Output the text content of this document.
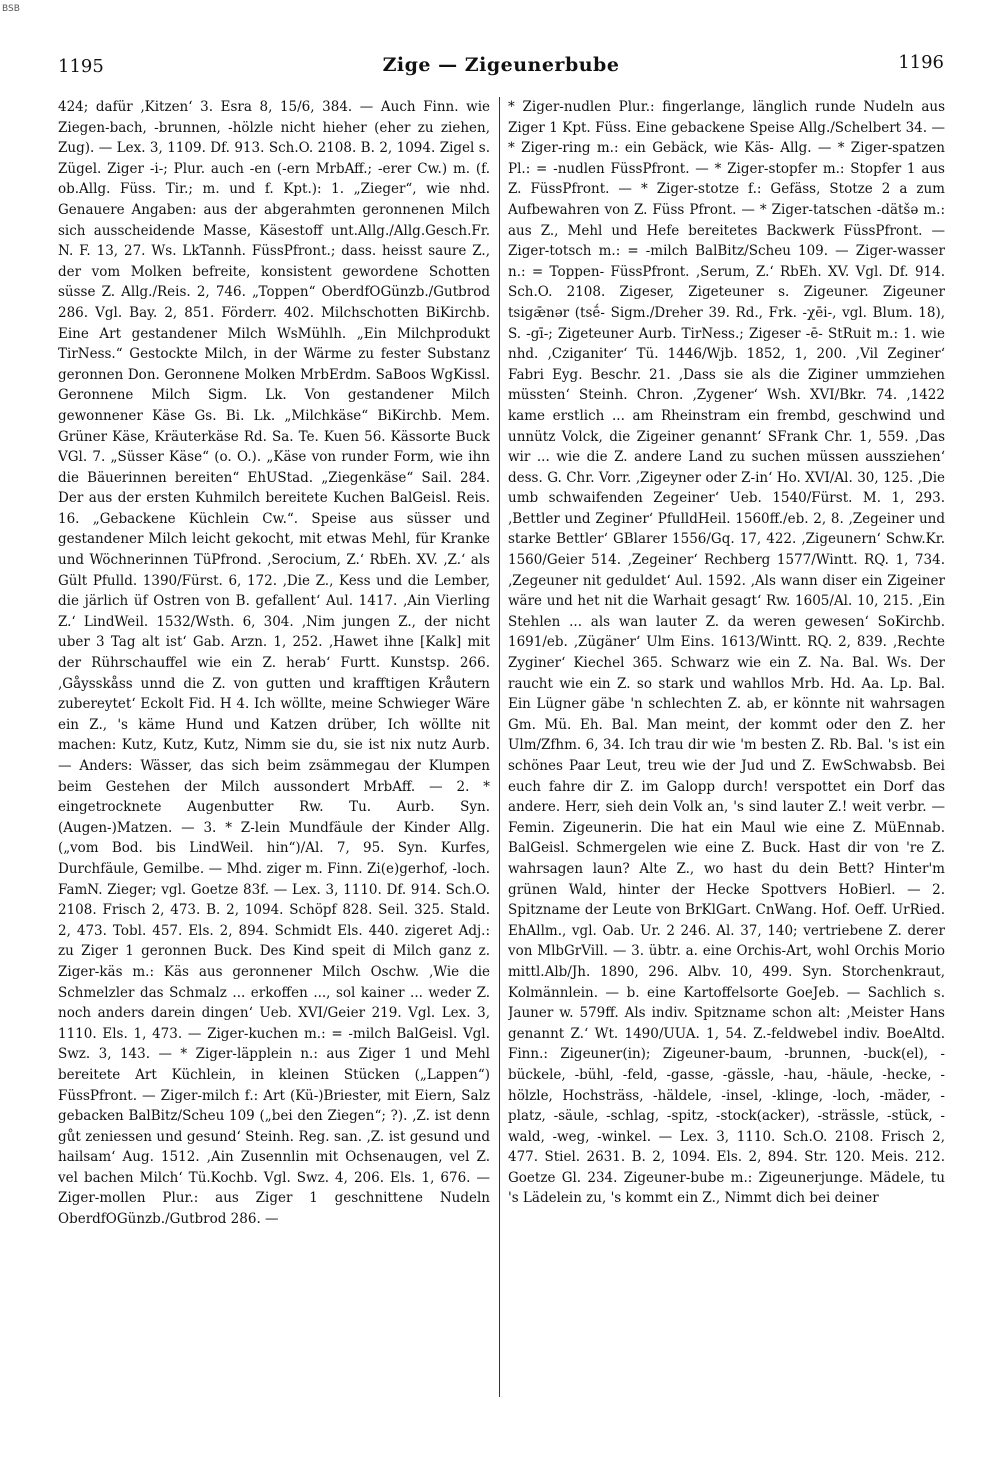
BSB
1195	Zige — Zigeunerbube	1196

424; dafür ‚Kitzen‘ 3. Esra 8, 15/6, 384. — Auch Finn. wie Ziegen-bach, -brunnen, -hölzle nicht hieher (eher zu ziehen, Zug). — Lex. 3, 1109. Df. 913. Sch.O. 2108. B. 2, 1094. Zigel s. Zügel. Ziger -i-; Plur. auch -en (-ern MrbAff.; -erer Cw.) m. (f. ob.Allg. Füss. Tir.; m. und f. Kpt.): 1. „Zieger“, wie nhd. Genauere Angaben: aus der abgerahmten geronnenen Milch sich ausscheidende Masse, Käsestoff unt.Allg./Allg.Gesch.Fr. N. F. 13, 27. Ws. LkTannh. FüssPfront.; dass. heisst saure Z., der vom Molken befreite, konsistent gewordene Schotten süsse Z. Allg./Reis. 2, 746. „Toppen“ OberdfOGünzb./Gutbrod 286. Vgl. Bay. 2, 851. Förderr. 402. Milchschotten BiKirchb. Eine Art gestandener Milch WsMühlh. „Ein Milchprodukt TirNess.“ Gestockte Milch, in der Wärme zu fester Substanz geronnen Don. Geronnene Molken MrbErdm. SaBoos WgKissl. Geronnene Milch Sigm. Lk. Von gestandener Milch gewonnener Käse Gs. Bi. Lk. „Milchkäse“ BiKirchb. Mem. Grüner Käse, Kräuterkäse Rd. Sa. Te. Kuen 56. Kässorte Buck VGl. 7. „Süsser Käse“ (o. O.). „Käse von runder Form, wie ihn die Bäuerinnen bereiten“ EhUStad. „Ziegenkäse“ Sail. 284. Der aus der ersten Kuhmilch bereitete Kuchen BalGeisl. Reis. 16. „Gebackene Küchlein Cw.“. Speise aus süsser und gestandener Milch leicht gekocht, mit etwas Mehl, für Kranke und Wöchnerinnen TüPfrond. ‚Serocium, Z.‘ RbEh. XV. ‚Z.‘ als Gült Pfulld. 1390/Fürst. 6, 172. ‚Die Z., Kess und die Lember, die järlich üf Ostren von B. gefallent‘ Aul. 1417. ‚Ain Vierling Z.‘ LindWeil. 1532/Wsth. 6, 304. ‚Nim jungen Z., der nicht uber 3 Tag alt ist‘ Gab. Arzn. 1, 252. ‚Hawet ihne [Kalk] mit der Rührschauffel wie ein Z. herab‘ Furtt. Kunstsp. 266. ‚Gåysskåss unnd die Z. von gutten und krafftigen Kråutern zubereytet‘ Eckolt Fid. H 4. Ich wöllte, meine Schwieger Wäre ein Z., 's käme Hund und Katzen drüber, Ich wöllte nit machen: Kutz, Kutz, Kutz, Nimm sie du, sie ist nix nutz Aurb. — Anders: Wässer, das sich beim zsämmegau der Klumpen beim Gestehen der Milch aussondert MrbAff. — 2. * eingetrocknete Augenbutter Rw. Tu. Aurb. Syn. (Augen-)Matzen. — 3. * Z-lein Mundfäule der Kinder Allg. („vom Bod. bis LindWeil. hin“)/Al. 7, 95. Syn. Kurfes, Durchfäule, Gemilbe. — Mhd. ziger m. Finn. Zi(e)gerhof, -loch. FamN. Zieger; vgl. Goetze 83f. — Lex. 3, 1110. Df. 914. Sch.O. 2108. Frisch 2, 473. B. 2, 1094. Schöpf 828. Seil. 325. Stald. 2, 473. Tobl. 457. Els. 2, 894. Schmidt Els. 440. zigeret Adj.: zu Ziger 1 geronnen Buck. Des Kind speit di Milch ganz z. Ziger-käs m.: Käs aus geronnener Milch Oschw. ‚Wie die Schmelzler das Schmalz ... erkoffen ..., sol kainer ... weder Z. noch anders darein dingen‘ Ueb. XVI/Geier 219. Vgl. Lex. 3, 1110. Els. 1, 473. — Ziger-kuchen m.: = -milch BalGeisl. Vgl. Swz. 3, 143. — * Ziger-läpplein n.: aus Ziger 1 und Mehl bereitete Art Küchlein, in kleinen Stücken („Lappen“) FüssPfront. — Ziger-milch f.: Art (Kü-)Briester, mit Eiern, Salz gebacken BalBitz/Scheu 109 („bei den Ziegen“; ?). ‚Z. ist denn gůt zeniessen und gesund‘ Steinh. Reg. san. ‚Z. ist gesund und hailsam‘ Aug. 1512. ‚Ain Zusennlin mit Ochsenaugen, vel Z. vel bachen Milch‘ Tü.Kochb. Vgl. Swz. 4, 206. Els. 1, 676. — Ziger-mollen Plur.: aus Ziger 1 geschnittene Nudeln OberdfOGünzb./Gutbrod 286. —

* Ziger-nudlen Plur.: fingerlange, länglich runde Nudeln aus Ziger 1 Kpt. Füss. Eine gebackene Speise Allg./Schelbert 34. — * Ziger-ring m.: ein Gebäck, wie Käs- Allg. — * Ziger-spatzen Pl.: = -nudlen FüssPfront. — * Ziger-stopfer m.: Stopfer 1 aus Z. FüssPfront. — * Ziger-stotze f.: Gefäss, Stotze 2 a zum Aufbewahren von Z. Füss Pfront. — * Ziger-tatschen -dätšə m.: aus Z., Mehl und Hefe bereitetes Backwerk FüssPfront. — Ziger-totsch m.: = -milch BalBitz/Scheu 109. — Ziger-wasser n.: = Toppen- FüssPfront. ‚Serum, Z.‘ RbEh. XV. Vgl. Df. 914. Sch.O. 2108. Zigeser, Zigeteuner s. Zigeuner. Zigeuner tsigǣnər (tsḗ- Sigm./Dreher 39. Rd., Frk. -χēi-, vgl. Blum. 18), S. -gī-; Zigeteuner Aurb. TirNess.; Zigeser -ē- StRuit m.: 1. wie nhd. ‚Cziganiter‘ Tü. 1446/Wjb. 1852, 1, 200. ‚Vil Zeginer‘ Fabri Eyg. Beschr. 21. ‚Dass sie als die Ziginer ummziehen müssten‘ Steinh. Chron. ‚Zygener‘ Wsh. XVI/Bkr. 74. ‚1422 kame erstlich ... am Rheinstram ein frembd, geschwind und unnütz Volck, die Zigeiner genannt‘ SFrank Chr. 1, 559. ‚Das wir ... wie die Z. andere Land zu suchen müssen aussziehen‘ dess. G. Chr. Vorr. ‚Zigeyner oder Z-in‘ Ho. XVI/Al. 30, 125. ‚Die umb schwaifenden Zegeiner‘ Ueb. 1540/Fürst. M. 1, 293. ‚Bettler und Zeginer‘ PfulldHeil. 1560ff./eb. 2, 8. ‚Zegeiner und starke Bettler‘ GBlarer 1556/Gq. 17, 422. ‚Zigeunern‘ Schw.Kr. 1560/Geier 514. ‚Zegeiner‘ Rechberg 1577/Wintt. RQ. 1, 734. ‚Zegeuner nit geduldet‘ Aul. 1592. ‚Als wann diser ein Zigeiner wäre und het nit die Warhait gesagt‘ Rw. 1605/Al. 10, 215. ‚Ein Stehlen ... als wan lauter Z. da weren gewesen‘ SoKirchb. 1691/eb. ‚Zügäner‘ Ulm Eins. 1613/Wintt. RQ. 2, 839. ‚Rechte Zyginer‘ Kiechel 365. Schwarz wie ein Z. Na. Bal. Ws. Der raucht wie ein Z. so stark und wahllos Mrb. Hd. Aa. Lp. Bal. Ein Lügner gäbe 'n schlechten Z. ab, er könnte nit wahrsagen Gm. Mü. Eh. Bal. Man meint, der kommt oder den Z. her Ulm/Zfhm. 6, 34. Ich trau dir wie 'm besten Z. Rb. Bal. 's ist ein schönes Paar Leut, treu wie der Jud und Z. EwSchwabsb. Bei euch fahre dir Z. im Galopp durch! verspottet ein Dorf das andere. Herr, sieh dein Volk an, 's sind lauter Z.! weit verbr. — Femin. Zigeunerin. Die hat ein Maul wie eine Z. MüEnnab. BalGeisl. Schmergelen wie eine Z. Buck. Hast dir von 're Z. wahrsagen laun? Alte Z., wo hast du dein Bett? Hinter'm grünen Wald, hinter der Hecke Spottvers HoBierl. — 2. Spitzname der Leute von BrKlGart. CnWang. Hof. Oeff. UrRied. EhAllm., vgl. Oab. Ur. 2 246. Al. 37, 140; vertriebene Z. derer von MlbGrVill. — 3. übtr. a. eine Orchis-Art, wohl Orchis Morio mittl.Alb/Jh. 1890, 296. Albv. 10, 499. Syn. Storchenkraut, Kolmännlein. — b. eine Kartoffelsorte GoeJeb. — Sachlich s. Jauner w. 579ff. Als indiv. Spitzname schon alt: ‚Meister Hans genannt Z.‘ Wt. 1490/UUA. 1, 54. Z.-feldwebel indiv. BoeAltd. Finn.: Zigeuner(in); Zigeuner-baum, -brunnen, -buck(el), -bückele, -bühl, -feld, -gasse, -gässle, -hau, -häule, -hecke, -hölzle, Hochsträss, -häldele, -insel, -klinge, -loch, -mäder, -platz, -säule, -schlag, -spitz, -stock(acker), -strässle, -stück, -wald, -weg, -winkel. — Lex. 3, 1110. Sch.O. 2108. Frisch 2, 477. Stiel. 2631. B. 2, 1094. Els. 2, 894. Str. 120. Meis. 212. Goetze Gl. 234. Zigeuner-bube m.: Zigeunerjunge. Mädele, tu 's Lädelein zu, 's kommt ein Z., Nimmt dich bei deiner
